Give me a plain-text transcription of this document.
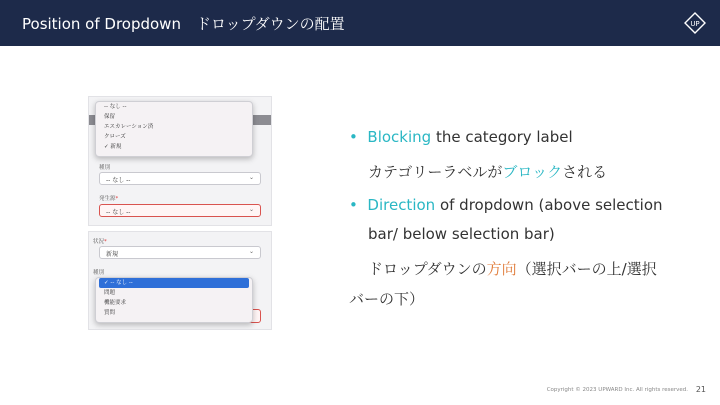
Position of Dropdown　ドロップダウンの配置	UP
種別
-- なし --	⌄
発生源*
-- なし --	⌄
-- なし --
保留
エスカレーション済
クローズ
✓ 新規
状況*
新規	⌄
種別
✓ -- なし --
問題
機能要求
質問
• Blocking the category label
カテゴリーラベルがブロックされる
• Direction of dropdown (above selection
bar/ below selection bar)
ドロップダウンの方向（選択バーの上/選択
バーの下）
Copyright © 2023 UPWARD Inc. All rights reserved. 21
